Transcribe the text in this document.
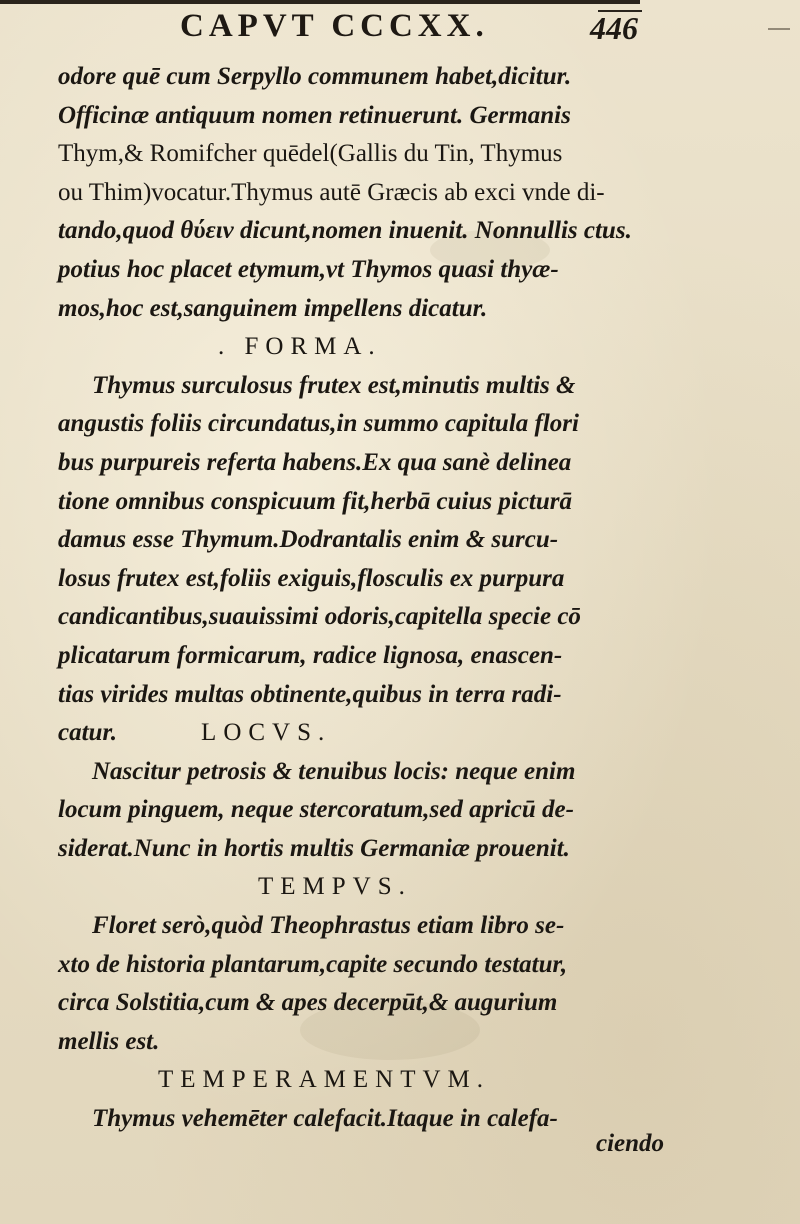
CAPVT CCCXX.	446
odore quē cum Serpyllo communem habet,dicitur.
Officinæ antiquum nomen retinuerunt. Germanis
Thym,& Romifcher quēdel(Gallis du Tin, Thymus
ou Thim)vocatur.Thymus autē Græcis ab exci vnde di-
tando,quod θύειν dicunt,nomen inuenit. Nonnullis ctus.
potius hoc placet etymum,vt Thymos quasi thyæ-
mos,hoc est,sanguinem impellens dicatur.
. FORMA.
Thymus surculosus frutex est,minutis multis &
angustis foliis circundatus,in summo capitula flori
bus purpureis referta habens.Ex qua sanè delinea
tione omnibus conspicuum fit,herbā cuius picturā
damus esse Thymum.Dodrantalis enim & surcu-
losus frutex est,foliis exiguis,flosculis ex purpura
candicantibus,suauissimi odoris,capitella specie cō
plicatarum formicarum, radice lignosa, enascen-
tias virides multas obtinente,quibus in terra radi-
catur.	LOCVS.
Nascitur petrosis & tenuibus locis: neque enim
locum pinguem, neque stercoratum,sed apricū de-
siderat.Nunc in hortis multis Germaniæ prouenit.
TEMPVS.
Floret serò,quòd Theophrastus etiam libro se-
xto de historia plantarum,capite secundo testatur,
circa Solstitia,cum & apes decerpūt,& augurium
mellis est.
TEMPERAMENTVM.
Thymus vehemēter calefacit.Itaque in calefa-
ciendo
